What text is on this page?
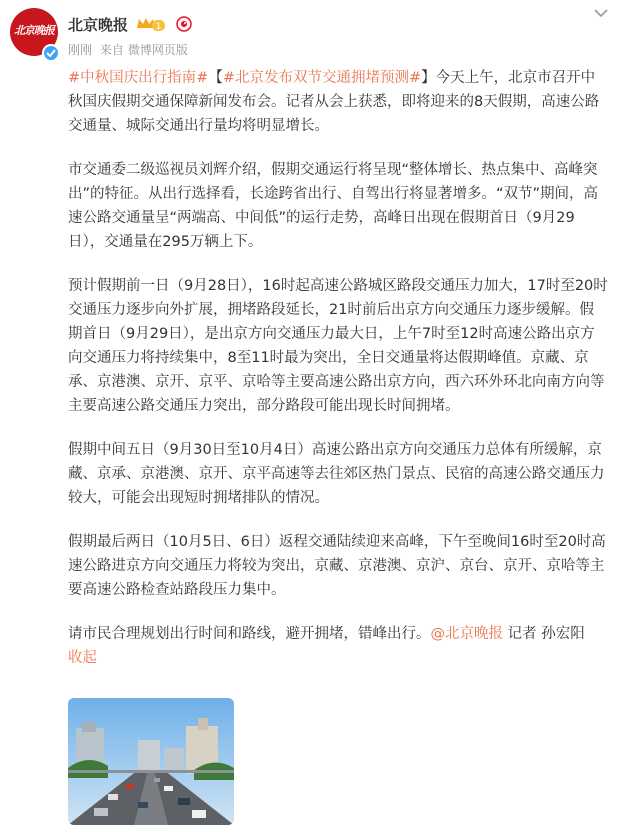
北京晚报 北京晚报	1
刚刚 来自 微博网页版

#中秋国庆出行指南#【#北京发布双节交通拥堵预测#】今天上午，北京市召开中秋国庆假期交通保障新闻发布会。记者从会上获悉，即将迎来的8天假期，高速公路交通量、城际交通出行量均将明显增长。

市交通委二级巡视员刘辉介绍，假期交通运行将呈现“整体增长、热点集中、高峰突出”的特征。从出行选择看，长途跨省出行、自驾出行将显著增多。“双节”期间，高速公路交通量呈“两端高、中间低”的运行走势，高峰日出现在假期首日（9月29日），交通量在295万辆上下。

预计假期前一日（9月28日），16时起高速公路城区路段交通压力加大，17时至20时交通压力逐步向外扩展，拥堵路段延长，21时前后出京方向交通压力逐步缓解。假期首日（9月29日），是出京方向交通压力最大日，上午7时至12时高速公路出京方向交通压力将持续集中，8至11时最为突出，全日交通量将达假期峰值。京藏、京承、京港澳、京开、京平、京哈等主要高速公路出京方向，西六环外环北向南方向等主要高速公路交通压力突出，部分路段可能出现长时间拥堵。

假期中间五日（9月30日至10月4日）高速公路出京方向交通压力总体有所缓解，京藏、京承、京港澳、京开、京平高速等去往郊区热门景点、民宿的高速公路交通压力较大，可能会出现短时拥堵排队的情况。

假期最后两日（10月5日、6日）返程交通陆续迎来高峰，下午至晚间16时至20时高速公路进京方向交通压力将较为突出，京藏、京港澳、京沪、京台、京开、京哈等主要高速公路检查站路段压力集中。

请市民合理规划出行时间和路线，避开拥堵，错峰出行。@北京晚报 记者 孙宏阳
收起
